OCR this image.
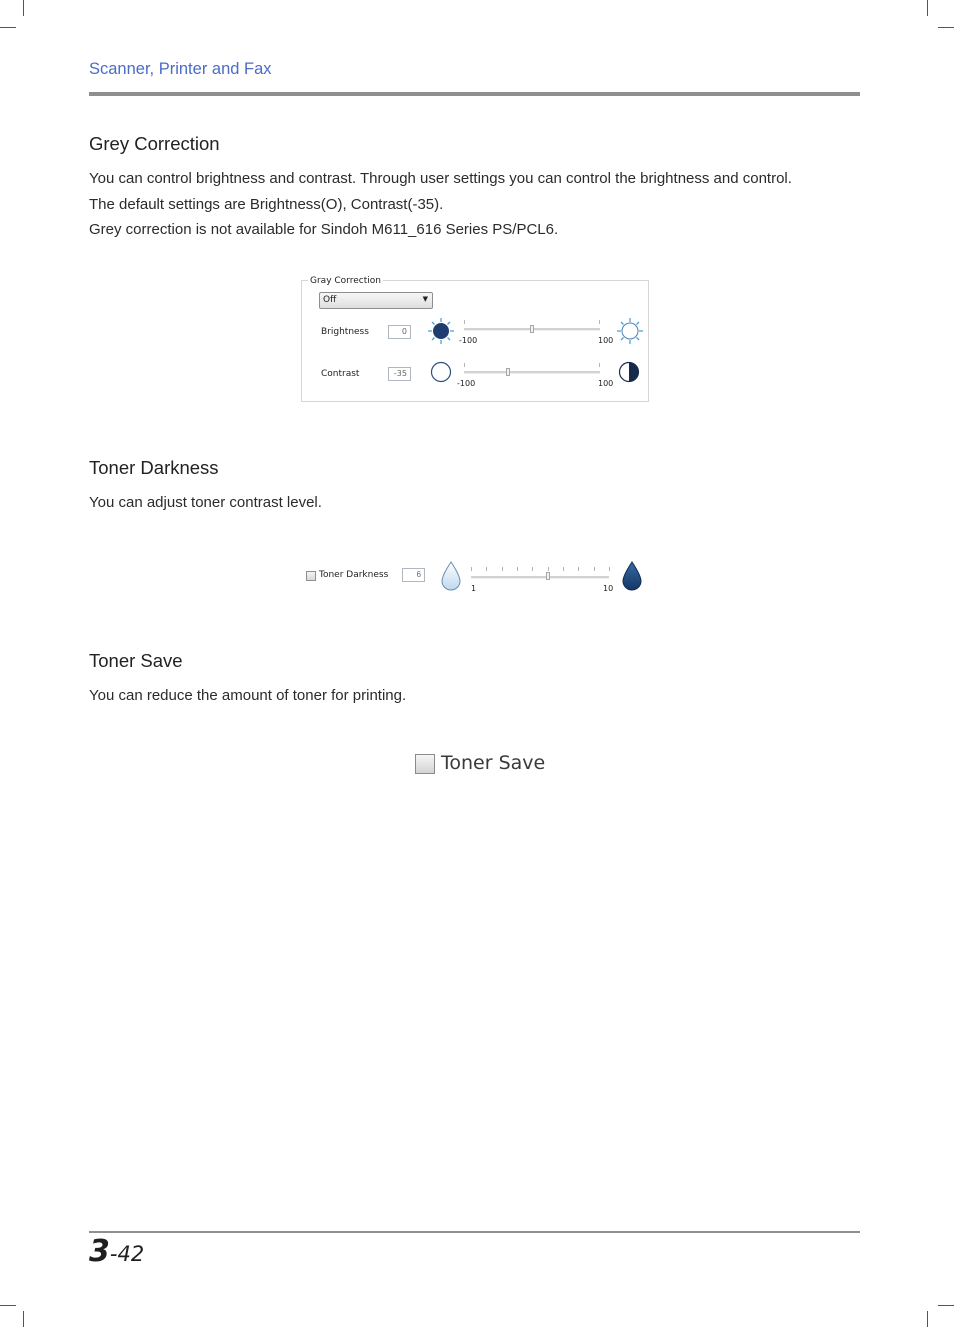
Scanner, Printer and Fax
Grey Correction
You can control brightness and contrast. Through user settings you can control the brightness and control.
The default settings are Brightness(O), Contrast(-35).
Grey correction is not available for Sindoh M611_616 Series PS/PCL6.
Gray Correction
Off	▼
Brightness	0
-100	100
Contrast	-35
-100	100
Toner Darkness
You can adjust toner contrast level.
Toner Darkness	6
1	10
Toner Save
You can reduce the amount of toner for printing.
Toner Save
3-42
